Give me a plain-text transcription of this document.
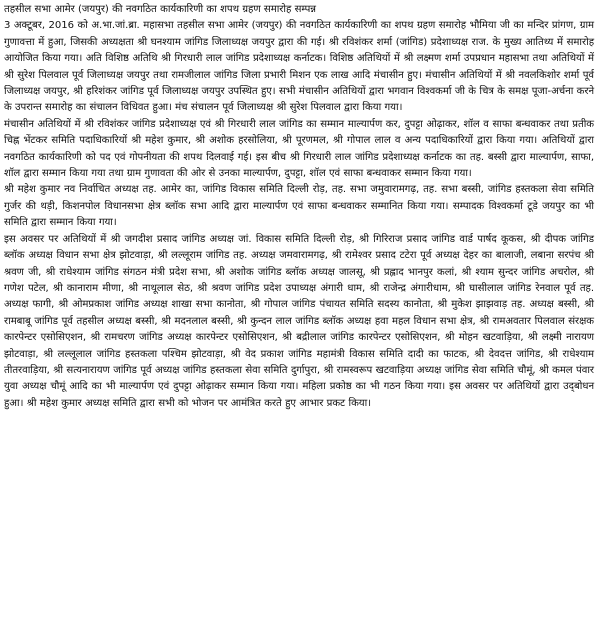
तहसील सभा आमेर (जयपुर) की नवगठित कार्यकारिणी का शपथ ग्रहण समारोह सम्पन्न

3 अक्टूबर, 2016 को अ.भा.जां.ब्रा. महासभा तहसील सभा आमेर (जयपुर) की नवगठित कार्यकारिणी का शपथ ग्रहण समारोह भौमिया जी का मन्दिर प्रांगण, ग्राम गुणावत्ता में हुआ, जिसकी अध्यक्षता श्री घनश्याम जांगिड जिलाध्यक्ष जयपुर द्वारा की गई। श्री रविशंकर शर्मा (जांगिड) प्रदेशाध्यक्ष राज. के मुख्य आतिथ्य में समारोह आयोजित किया गया। अति विशिष्ठ अतिथि श्री गिरधारी लाल जांगिड प्रदेशाध्यक्ष कर्नाटक। विशिष्ठ अतिथियों में श्री लक्ष्मण शर्मा उपप्रधान महासभा तथा अतिथियों में श्री सुरेश पिलवाल पूर्व जिलाध्यक्ष जयपुर तथा रामजीलाल जांगिड जिला प्रभारी मिशन एक लाख आदि मंचासीन हुए। मंचासीन अतिथियों में श्री नवलकिशोर शर्मा पूर्व जिलाध्यक्ष जयपुर, श्री हरिशंकर जांगिड पूर्व जिलाध्यक्ष जयपुर उपस्थित हुए। सभी मंचासीन अतिथियों द्वारा भगवान विश्वकर्मा जी के चित्र के समक्ष पूजा-अर्चना करने के उपरान्त समारोह का संचालन विधिवत हुआ। मंच संचालन पूर्व जिलाध्यक्ष श्री सुरेश पिलवाल द्वारा किया गया।

मंचासीन अतिथियों में श्री रविशंकर जांगिड प्रदेशाध्यक्ष एवं श्री गिरधारी लाल जांगिड का सम्मान माल्यार्पण कर, दुपट्टा ओढ़ाकर, शॉल व साफा बन्धवाकर तथा प्रतीक चिह्न भेंटकर समिति पदाधिकारियों श्री महेश कुमार, श्री अशोक हरसोलिया, श्री पूरणमल, श्री गोपाल लाल व अन्य पदाधिकारियों द्वारा किया गया। अतिथियों द्वारा नवगठित कार्यकारिणी को पद एवं गोपनीयता की शपथ दिलवाई गई। इस बीच श्री गिरधारी लाल जांगिड प्रदेशाध्यक्ष कर्नाटक का तह. बस्सी द्वारा माल्यार्पण, साफा, शॉल द्वारा सम्मान किया गया तथा ग्राम गुणावता की ओर से उनका माल्यार्पण, दुपट्टा, शॉल एवं साफा बन्धवाकर सम्मान किया गया।

श्री महेश कुमार नव निर्वाचित अध्यक्ष तह. आमेर का, जांगिड विकास समिति दिल्ली रोड़, तह. सभा जमुवारामगढ़, तह. सभा बस्सी, जांगिड हस्तकला सेवा समिति गुर्जर की थड़ी, किशनपोल विधानसभा क्षेत्र ब्लॉक सभा आदि द्वारा माल्यार्पण एवं साफा बन्धवाकर सम्मानित किया गया। सम्पादक विश्वकर्मा टूडे जयपुर का भी समिति द्वारा सम्मान किया गया।

इस अवसर पर अतिथियों में श्री जगदीश प्रसाद जांगिड अध्यक्ष जां. विकास समिति दिल्ली रोड़, श्री गिरिराज प्रसाद जांगिड वार्ड पार्षद कूकस, श्री दीपक जांगिड ब्लॉक अध्यक्ष विधान सभा क्षेत्र झोटवाड़ा, श्री लल्लूराम जांगिड तह. अध्यक्ष जमवारामगढ़, श्री रामेश्वर प्रसाद टटेरा पूर्व अध्यक्ष देहर का बालाजी, लबाना सरपंच श्री श्रवण जी, श्री राधेश्याम जांगिड संगठन मंत्री प्रदेश सभा, श्री अशोक जांगिड ब्लॉक अध्यक्ष जालसू, श्री प्रह्लाद भानपुर कलां, श्री श्याम सुन्दर जांगिड अचरोल, श्री गणेश पटेल, श्री कानाराम मीणा, श्री नाथूलाल सेठ, श्री श्रवण जांगिड प्रदेश उपाध्यक्ष अंगारी धाम, श्री राजेन्द्र अंगारीधाम, श्री घासीलाल जांगिड रेनवाल पूर्व तह. अध्यक्ष फागी, श्री ओमप्रकाश जांगिड अध्यक्ष शाखा सभा कानोता, श्री गोपाल जांगिड पंचायत समिति सदस्य कानोता, श्री मुकेश झाझवाड़ तह. अध्यक्ष बस्सी, श्री रामबाबू जांगिड पूर्व तहसील अध्यक्ष बस्सी, श्री मदनलाल बस्सी, श्री कुन्दन लाल जांगिड ब्लॉक अध्यक्ष हवा महल विधान सभा क्षेत्र, श्री रामअवतार पिलवाल संरक्षक कारपेन्टर एसोसिएशन, श्री रामचरण जांगिड अध्यक्ष कारपेन्टर एसोसिएशन, श्री बद्रीलाल जांगिड कारपेन्टर एसोसिएशन, श्री मोहन खटवाड़िया, श्री लक्ष्मी नारायण झोटवाड़ा, श्री लल्लूलाल जांगिड हस्तकला पश्चिम झोटवाड़ा, श्री वेद प्रकाश जांगिड महामंत्री विकास समिति दादी का फाटक, श्री देवदत्त जांगिड, श्री राधेश्याम तीतरवाड़िया, श्री सत्यनारायण जांगिड पूर्व अध्यक्ष जांगिड हस्तकला सेवा समिति दुर्गापुरा, श्री रामस्वरूप खटवाड़िया अध्यक्ष जांगिड सेवा समिति चौमूं, श्री कमल पंवार युवा अध्यक्ष चौमूं आदि का भी माल्यार्पण एवं दुपट्टा ओढ़ाकर सम्मान किया गया। महिला प्रकोष्ठ का भी गठन किया गया। इस अवसर पर अतिथियों द्वारा उद्‌बोधन हुआ। श्री महेश कुमार अध्यक्ष समिति द्वारा सभी को भोजन पर आमंत्रित करते हुए आभार प्रकट किया।
